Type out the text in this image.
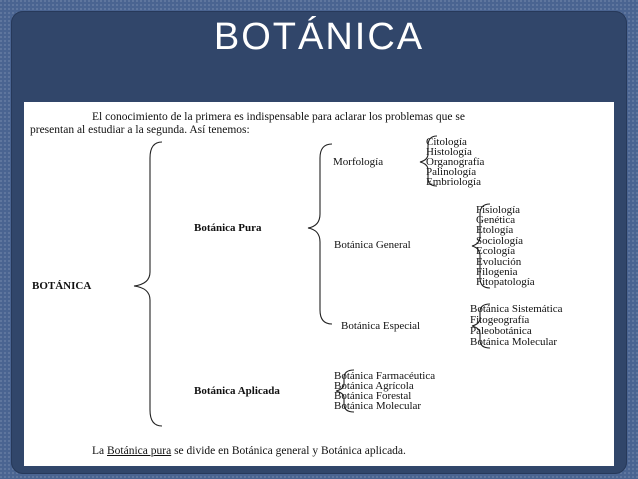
BOTÁNICA
El conocimiento de la primera es indispensable para aclarar los problemas que se
presentan al estudiar a la segunda. Así tenemos:
BOTÁNICA
Botánica Pura
Morfología
Citología
Histología
Organografía
Palinología
Embriología
Botánica General
Fisiología
Genética
Etología
Sociología
Ecología
Evolución
Filogenia
Fitopatología
Botánica Especial
Botánica Sistemática
Fitogeografía
Paleobotánica
Botánica Molecular
Botánica Aplicada
Botánica Farmacéutica
Botánica Agrícola
Botánica Forestal
Botánica Molecular
La Botánica pura se divide en Botánica general y Botánica aplicada.
